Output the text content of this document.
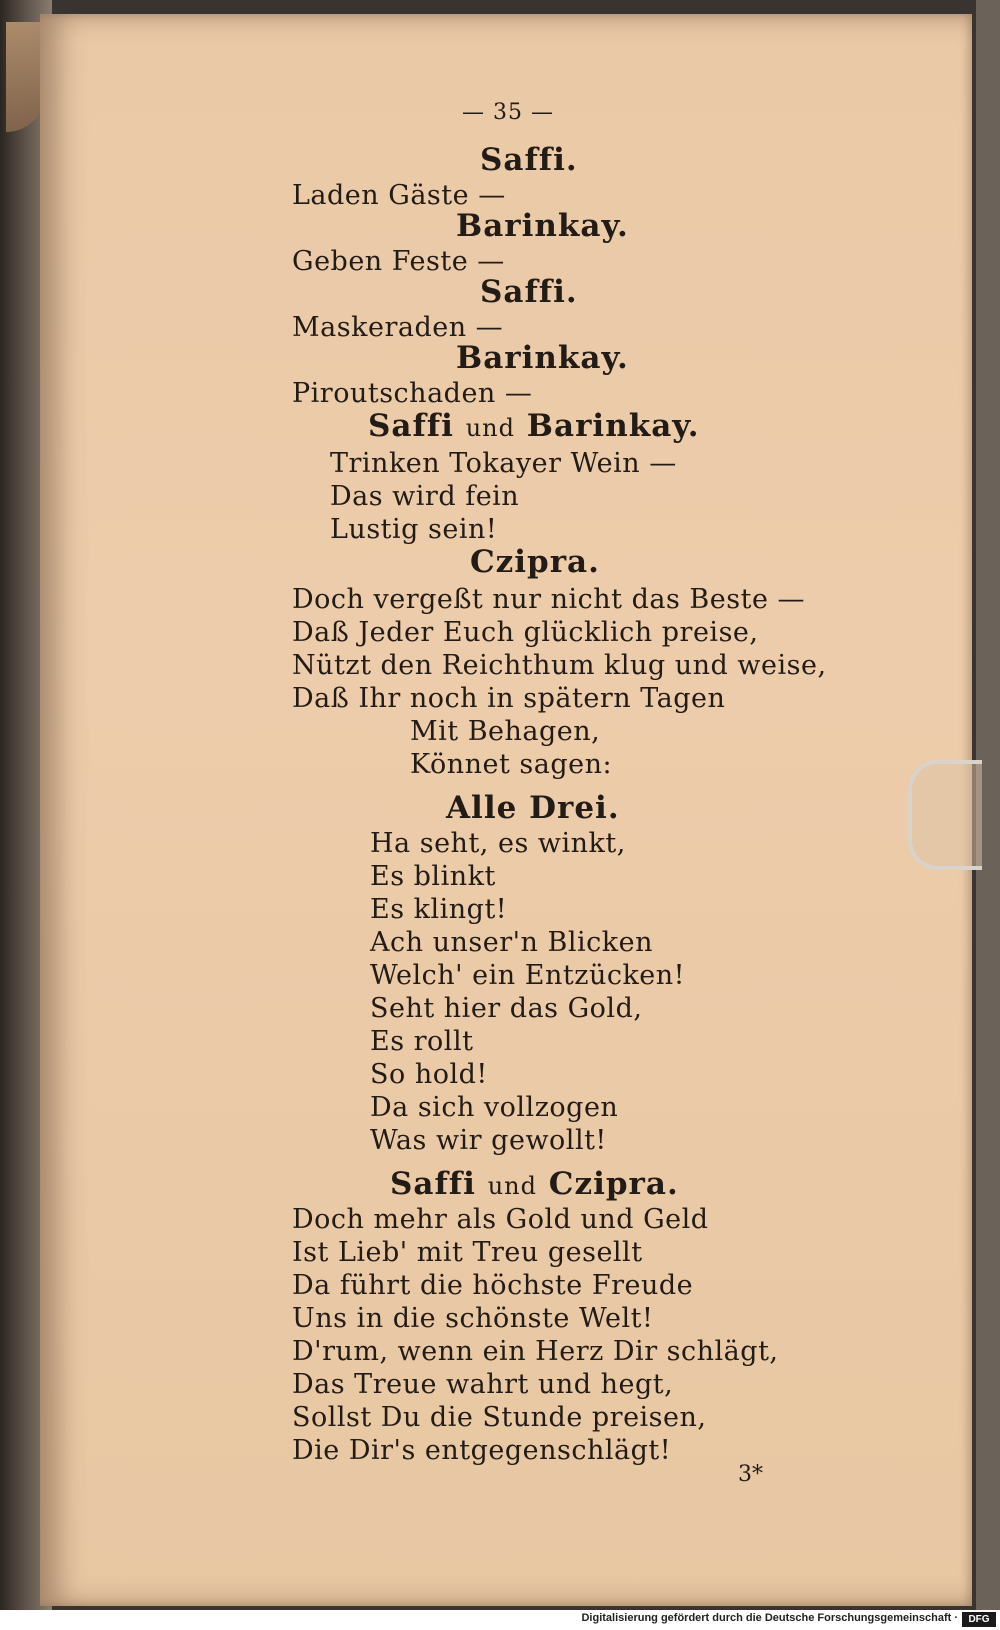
— 35 —
Saffi.
Laden Gäste —
Barinkay.
Geben Feste —
Saffi.
Maskeraden —
Barinkay.
Piroutschaden —
Saffi und Barinkay.
Trinken Tokayer Wein —
Das wird fein
Lustig sein!
Czipra.
Doch vergeßt nur nicht das Beste —
Daß Jeder Euch glücklich preise,
Nützt den Reichthum klug und weise,
Daß Ihr noch in spätern Tagen
Mit Behagen,
Könnet sagen:
Alle Drei.
Ha seht, es winkt,
Es blinkt
Es klingt!
Ach unser'n Blicken
Welch' ein Entzücken!
Seht hier das Gold,
Es rollt
So hold!
Da sich vollzogen
Was wir gewollt!
Saffi und Czipra.
Doch mehr als Gold und Geld
Ist Lieb' mit Treu gesellt
Da führt die höchste Freude
Uns in die schönste Welt!
D'rum, wenn ein Herz Dir schlägt,
Das Treue wahrt und hegt,
Sollst Du die Stunde preisen,
Die Dir's entgegenschlägt!
3*
Digitalisierung gefördert durch die Deutsche Forschungsgemeinschaft ·	DFG
